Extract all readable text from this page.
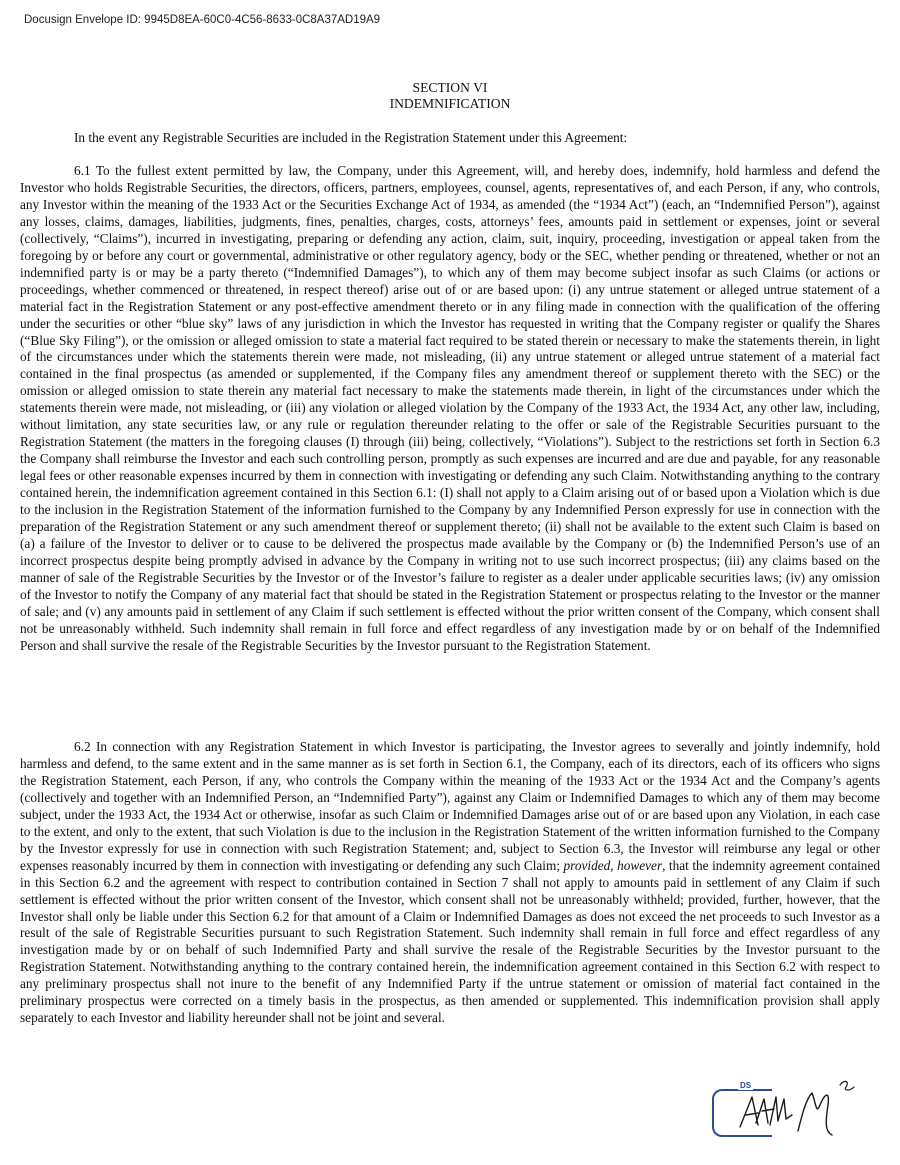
Docusign Envelope ID: 9945D8EA-60C0-4C56-8633-0C8A37AD19A9
SECTION VI
INDEMNIFICATION
In the event any Registrable Securities are included in the Registration Statement under this Agreement:

6.1 To the fullest extent permitted by law, the Company, under this Agreement, will, and hereby does, indemnify, hold harmless and defend the Investor who holds Registrable Securities, the directors, officers, partners, employees, counsel, agents, representatives of, and each Person, if any, who controls, any Investor within the meaning of the 1933 Act or the Securities Exchange Act of 1934, as amended (the “1934 Act”) (each, an “Indemnified Person”), against any losses, claims, damages, liabilities, judgments, fines, penalties, charges, costs, attorneys’ fees, amounts paid in settlement or expenses, joint or several (collectively, “Claims”), incurred in investigating, preparing or defending any action, claim, suit, inquiry, proceeding, investigation or appeal taken from the foregoing by or before any court or governmental, administrative or other regulatory agency, body or the SEC, whether pending or threatened, whether or not an indemnified party is or may be a party thereto (“Indemnified Damages”), to which any of them may become subject insofar as such Claims (or actions or proceedings, whether commenced or threatened, in respect thereof) arise out of or are based upon: (i) any untrue statement or alleged untrue statement of a material fact in the Registration Statement or any post-effective amendment thereto or in any filing made in connection with the qualification of the offering under the securities or other “blue sky” laws of any jurisdiction in which the Investor has requested in writing that the Company register or qualify the Shares (“Blue Sky Filing”), or the omission or alleged omission to state a material fact required to be stated therein or necessary to make the statements therein, in light of the circumstances under which the statements therein were made, not misleading, (ii) any untrue statement or alleged untrue statement of a material fact contained in the final prospectus (as amended or supplemented, if the Company files any amendment thereof or supplement thereto with the SEC) or the omission or alleged omission to state therein any material fact necessary to make the statements made therein, in light of the circumstances under which the statements therein were made, not misleading, or (iii) any violation or alleged violation by the Company of the 1933 Act, the 1934 Act, any other law, including, without limitation, any state securities law, or any rule or regulation thereunder relating to the offer or sale of the Registrable Securities pursuant to the Registration Statement (the matters in the foregoing clauses (I) through (iii) being, collectively, “Violations”). Subject to the restrictions set forth in Section 6.3 the Company shall reimburse the Investor and each such controlling person, promptly as such expenses are incurred and are due and payable, for any reasonable legal fees or other reasonable expenses incurred by them in connection with investigating or defending any such Claim. Notwithstanding anything to the contrary contained herein, the indemnification agreement contained in this Section 6.1: (I) shall not apply to a Claim arising out of or based upon a Violation which is due to the inclusion in the Registration Statement of the information furnished to the Company by any Indemnified Person expressly for use in connection with the preparation of the Registration Statement or any such amendment thereof or supplement thereto; (ii) shall not be available to the extent such Claim is based on (a) a failure of the Investor to deliver or to cause to be delivered the prospectus made available by the Company or (b) the Indemnified Person’s use of an incorrect prospectus despite being promptly advised in advance by the Company in writing not to use such incorrect prospectus; (iii) any claims based on the manner of sale of the Registrable Securities by the Investor or of the Investor’s failure to register as a dealer under applicable securities laws; (iv) any omission of the Investor to notify the Company of any material fact that should be stated in the Registration Statement or prospectus relating to the Investor or the manner of sale; and (v) any amounts paid in settlement of any Claim if such settlement is effected without the prior written consent of the Company, which consent shall not be unreasonably withheld. Such indemnity shall remain in full force and effect regardless of any investigation made by or on behalf of the Indemnified Person and shall survive the resale of the Registrable Securities by the Investor pursuant to the Registration Statement.

6.2 In connection with any Registration Statement in which Investor is participating, the Investor agrees to severally and jointly indemnify, hold harmless and defend, to the same extent and in the same manner as is set forth in Section 6.1, the Company, each of its directors, each of its officers who signs the Registration Statement, each Person, if any, who controls the Company within the meaning of the 1933 Act or the 1934 Act and the Company’s agents (collectively and together with an Indemnified Person, an “Indemnified Party”), against any Claim or Indemnified Damages to which any of them may become subject, under the 1933 Act, the 1934 Act or otherwise, insofar as such Claim or Indemnified Damages arise out of or are based upon any Violation, in each case to the extent, and only to the extent, that such Violation is due to the inclusion in the Registration Statement of the written information furnished to the Company by the Investor expressly for use in connection with such Registration Statement; and, subject to Section 6.3, the Investor will reimburse any legal or other expenses reasonably incurred by them in connection with investigating or defending any such Claim; provided, however, that the indemnity agreement contained in this Section 6.2 and the agreement with respect to contribution contained in Section 7 shall not apply to amounts paid in settlement of any Claim if such settlement is effected without the prior written consent of the Investor, which consent shall not be unreasonably withheld; provided, further, however, that the Investor shall only be liable under this Section 6.2 for that amount of a Claim or Indemnified Damages as does not exceed the net proceeds to such Investor as a result of the sale of Registrable Securities pursuant to such Registration Statement. Such indemnity shall remain in full force and effect regardless of any investigation made by or on behalf of such Indemnified Party and shall survive the resale of the Registrable Securities by the Investor pursuant to the Registration Statement. Notwithstanding anything to the contrary contained herein, the indemnification agreement contained in this Section 6.2 with respect to any preliminary prospectus shall not inure to the benefit of any Indemnified Party if the untrue statement or omission of material fact contained in the preliminary prospectus were corrected on a timely basis in the prospectus, as then amended or supplemented. This indemnification provision shall apply separately to each Investor and liability hereunder shall not be joint and several.

DS
